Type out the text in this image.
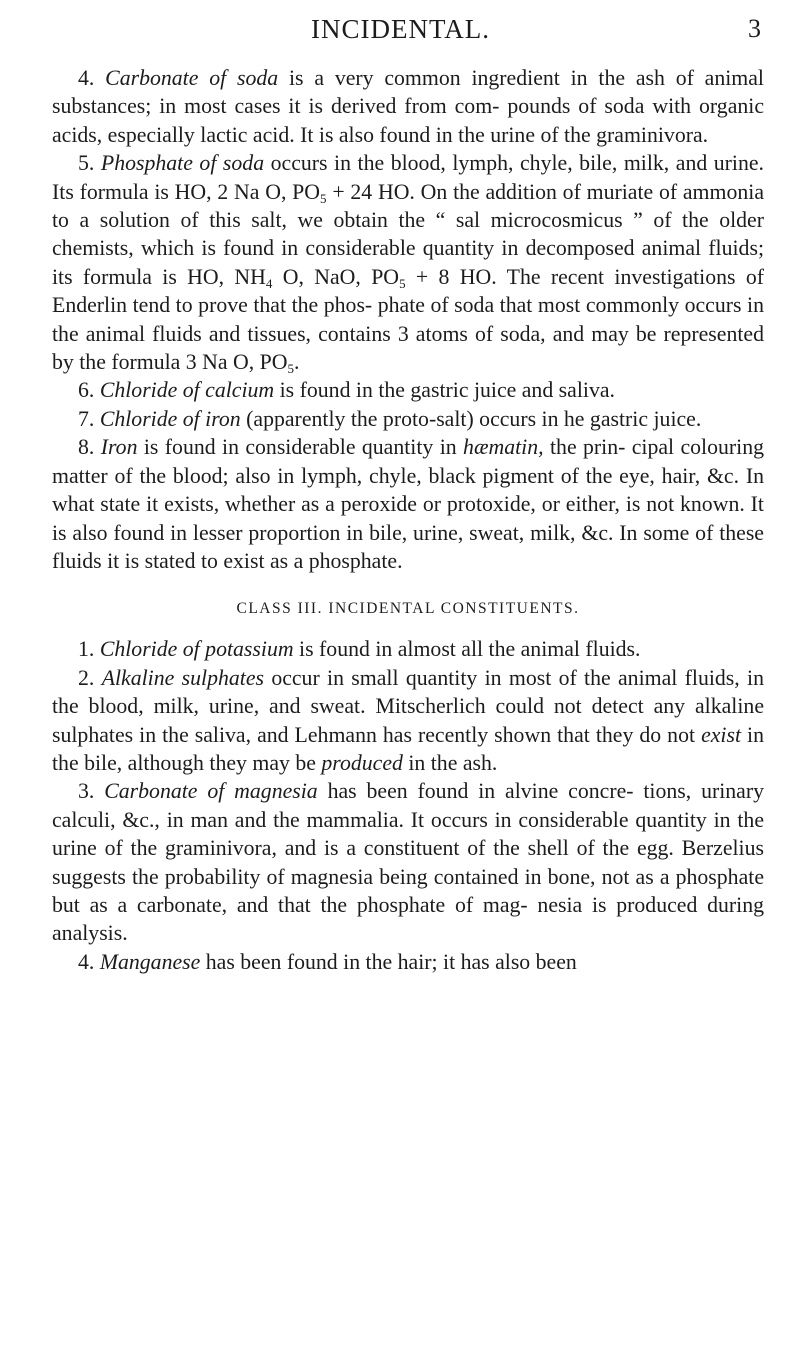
INCIDENTAL.	3

4. Carbonate of soda is a very common ingredient in the ash of animal substances; in most cases it is derived from com- pounds of soda with organic acids, especially lactic acid. It is also found in the urine of the graminivora.

5. Phosphate of soda occurs in the blood, lymph, chyle, bile, milk, and urine. Its formula is HO, 2 Na O, $PO_5 + 24$ HO. On the addition of muriate of ammonia to a solution of this salt, we obtain the “ sal microcosmicus ” of the older chemists, which is found in considerable quantity in decomposed animal fluids; its formula is HO, $NH_4$ O, NaO, $PO_5 + 8$ HO. The recent investigations of Enderlin tend to prove that the phos- phate of soda that most commonly occurs in the animal fluids and tissues, contains 3 atoms of soda, and may be represented by the formula 3 Na O, $PO_5$.

6. Chloride of calcium is found in the gastric juice and saliva.

7. Chloride of iron (apparently the proto-salt) occurs in he gastric juice.

8. Iron is found in considerable quantity in hæmatin, the prin- cipal colouring matter of the blood; also in lymph, chyle, black pigment of the eye, hair, &c. In what state it exists, whether as a peroxide or protoxide, or either, is not known. It is also found in lesser proportion in bile, urine, sweat, milk, &c. In some of these fluids it is stated to exist as a phosphate.

CLASS III. INCIDENTAL CONSTITUENTS.

1. Chloride of potassium is found in almost all the animal fluids.

2. Alkaline sulphates occur in small quantity in most of the animal fluids, in the blood, milk, urine, and sweat. Mitscherlich could not detect any alkaline sulphates in the saliva, and Lehmann has recently shown that they do not exist in the bile, although they may be produced in the ash.

3. Carbonate of magnesia has been found in alvine concre- tions, urinary calculi, &c., in man and the mammalia. It occurs in considerable quantity in the urine of the graminivora, and is a constituent of the shell of the egg. Berzelius suggests the probability of magnesia being contained in bone, not as a phosphate but as a carbonate, and that the phosphate of mag- nesia is produced during analysis.

4. Manganese has been found in the hair; it has also been
